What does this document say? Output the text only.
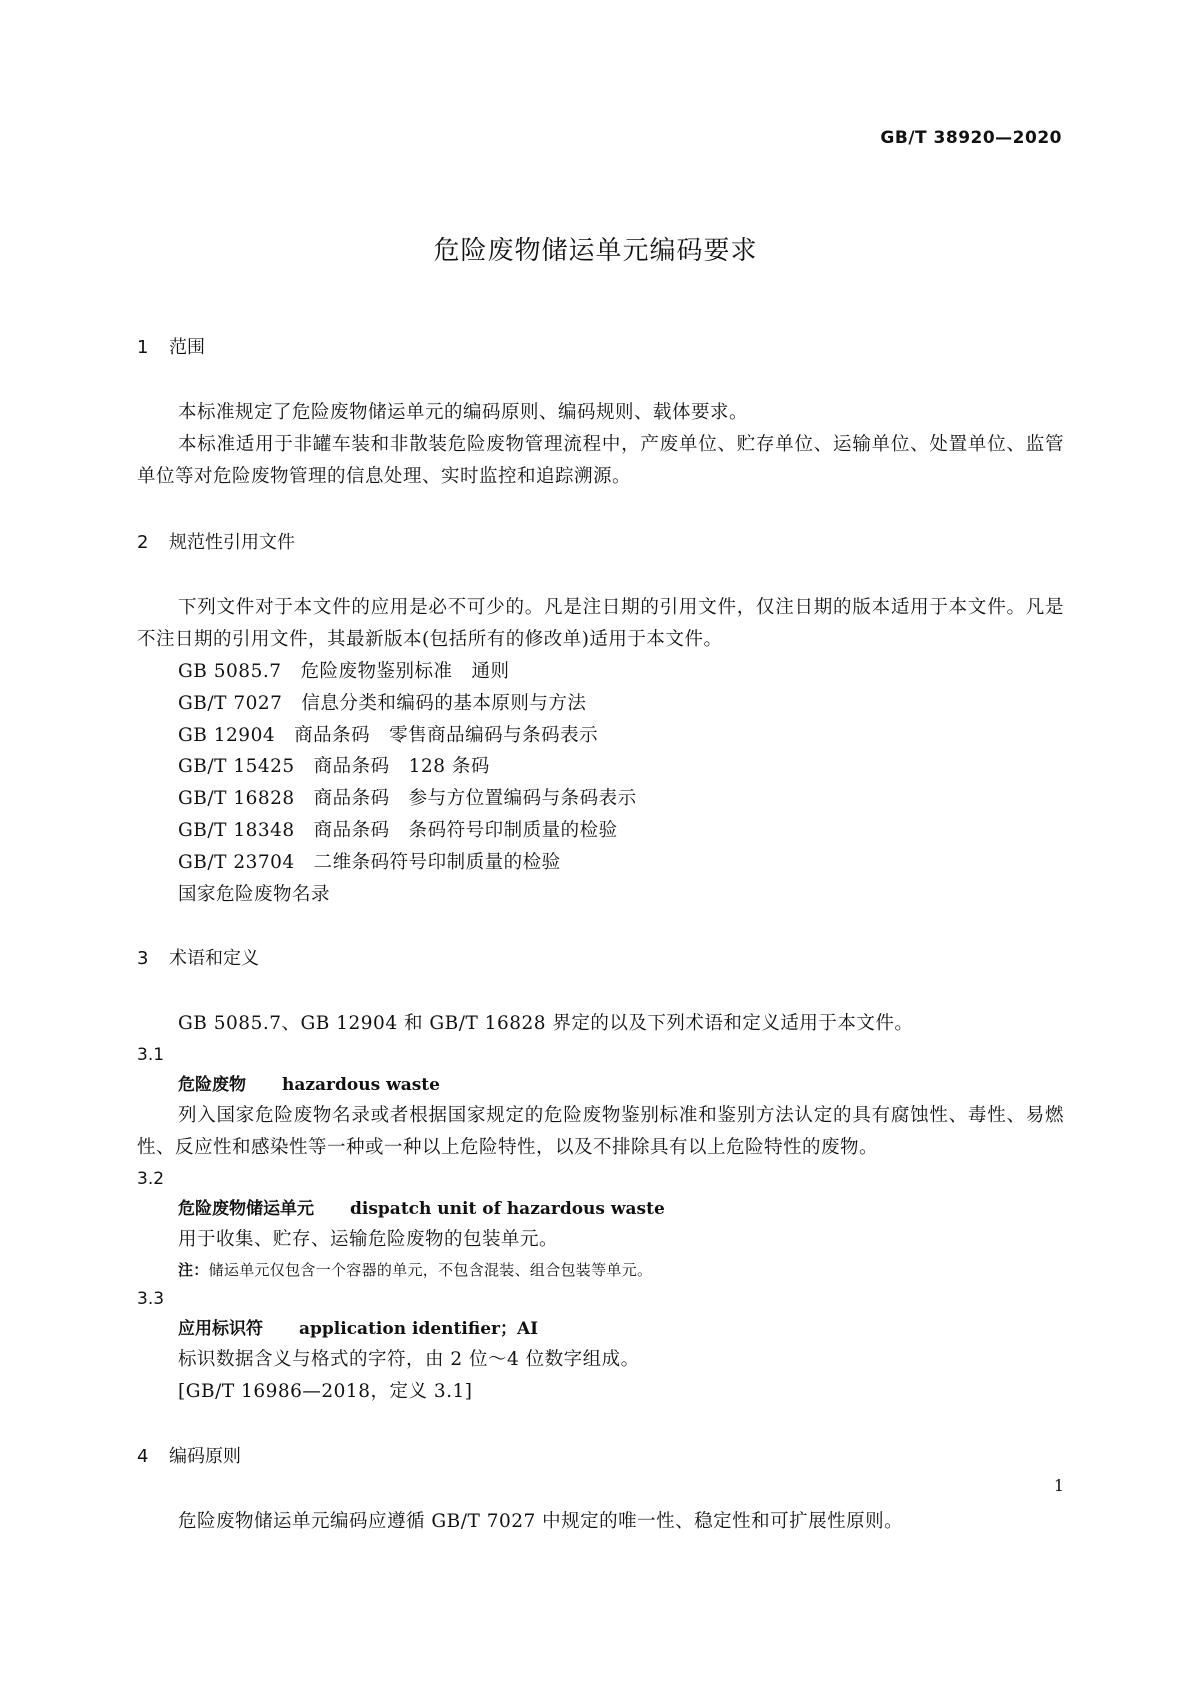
GB/T 38920—2020
危险废物储运单元编码要求
1 范围

本标准规定了危险废物储运单元的编码原则、编码规则、载体要求。

本标准适用于非罐车装和非散装危险废物管理流程中，产废单位、贮存单位、运输单位、处置单位、监管单位等对危险废物管理的信息处理、实时监控和追踪溯源。

2 规范性引用文件

下列文件对于本文件的应用是必不可少的。凡是注日期的引用文件，仅注日期的版本适用于本文件。凡是不注日期的引用文件，其最新版本(包括所有的修改单)适用于本文件。

GB 5085.7　危险废物鉴别标准　通则
GB/T 7027　信息分类和编码的基本原则与方法
GB 12904　商品条码　零售商品编码与条码表示
GB/T 15425　商品条码　128 条码
GB/T 16828　商品条码　参与方位置编码与条码表示
GB/T 18348　商品条码　条码符号印制质量的检验
GB/T 23704　二维条码符号印制质量的检验
国家危险废物名录
3 术语和定义

GB 5085.7、GB 12904 和 GB/T 16828 界定的以及下列术语和定义适用于本文件。

3.1
危险废物 hazardous waste

列入国家危险废物名录或者根据国家规定的危险废物鉴别标准和鉴别方法认定的具有腐蚀性、毒性、易燃性、反应性和感染性等一种或一种以上危险特性，以及不排除具有以上危险特性的废物。

3.2
危险废物储运单元 dispatch unit of hazardous waste

用于收集、贮存、运输危险废物的包装单元。

注：储运单元仅包含一个容器的单元，不包含混装、组合包装等单元。
3.3
应用标识符 application identifier；AI

标识数据含义与格式的字符，由 2 位～4 位数字组成。

[GB/T 16986—2018，定义 3.1]

4 编码原则

危险废物储运单元编码应遵循 GB/T 7027 中规定的唯一性、稳定性和可扩展性原则。

1
